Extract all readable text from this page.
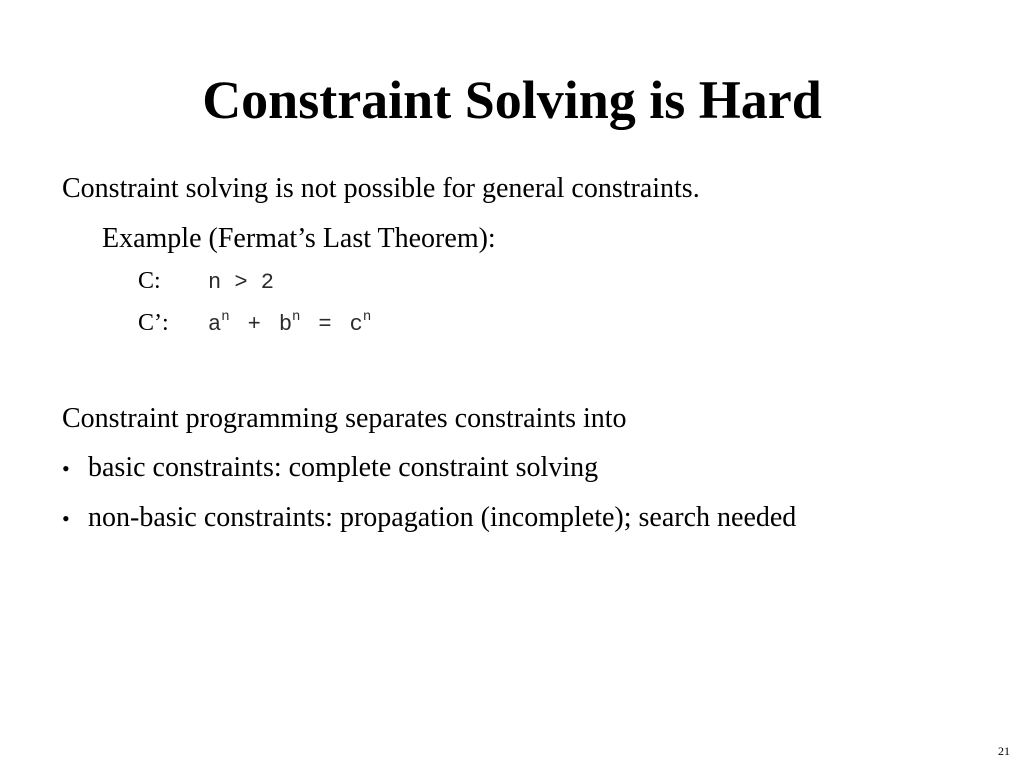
Constraint Solving is Hard
Constraint solving is not possible for general constraints.
Example (Fermat’s Last Theorem):
C: n > 2
C’: $a^n + b^n = c^n$
Constraint programming separates constraints into
• basic constraints: complete constraint solving
• non-basic constraints: propagation (incomplete); search needed
21
